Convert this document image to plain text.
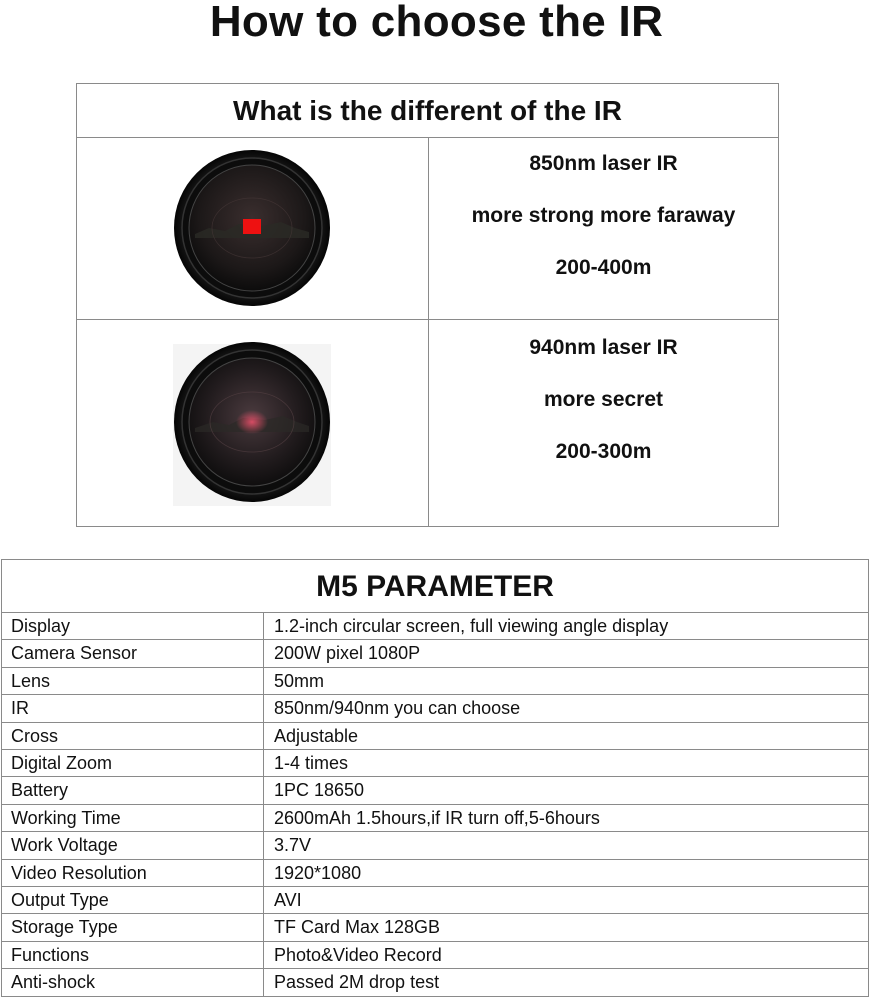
How to choose the IR
What is the different of the IR
850nm laser IR
more strong more faraway
200-400m
940nm laser IR
more secret
200-300m
M5 PARAMETER
Display	1.2-inch circular screen, full viewing angle display
Camera Sensor	200W pixel 1080P
Lens	50mm
IR	850nm/940nm you can choose
Cross	Adjustable
Digital Zoom	1-4 times
Battery	1PC 18650
Working Time	2600mAh 1.5hours,if IR turn off,5-6hours
Work Voltage	3.7V
Video Resolution	1920*1080
Output Type	AVI
Storage Type	TF Card Max 128GB
Functions	Photo&Video Record
Anti-shock	Passed 2M drop test
